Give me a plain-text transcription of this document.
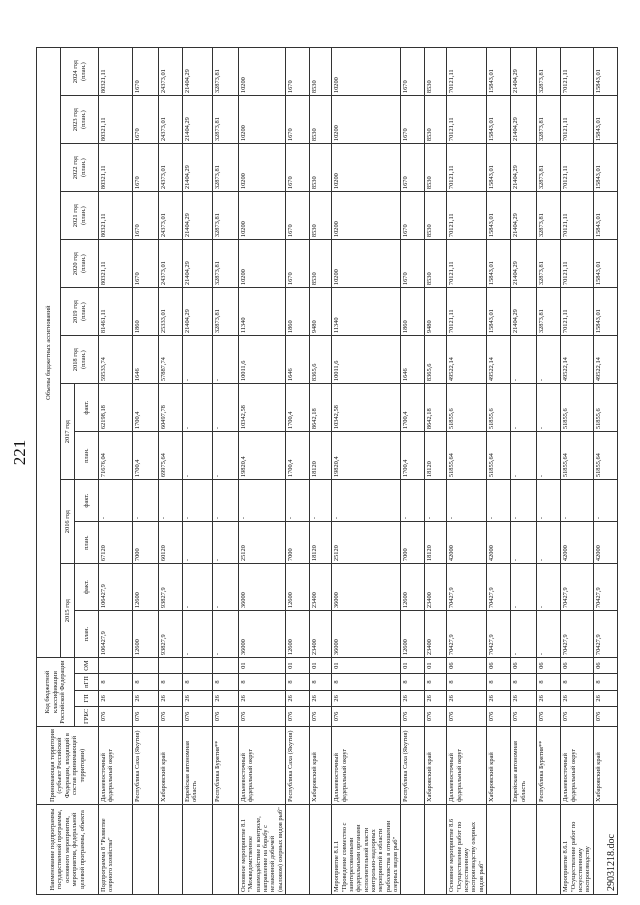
221
Наименование подпрограммы государственной программы, основного мероприятия, мероприятия, федеральной целевой программы, объекта	Принимающая территория (субъект Российской Федерации, входящий в состав принимающей территории)	Код бюджетной классификации Российской Федерации				Объемы бюджетных ассигнований												
						2015 год		2016 год		2017 год		2018 год (план.)	2019 год (план.)	2020 год (план.)	2021 год (план.)	2022 год (план.)	2023 год (план.)	2024 год (план.)
		ГРБС	ГП	пГП	ОМ	план.	факт.	план.	факт.	план.	факт.							

Подпрограмма 8 "Развитие озерного хозяйства"	Дальневосточный федеральный округ	076	26	8		106427,9	106427,9	67120	-	71676,04	62198,18	59533,74	81461,11	80321,11	80321,11	80321,11	80321,11	80321,11
	Республика Саха (Якутия)	076	26	8		12600	12600	7000	-	1700,4	1700,4	1646	1860	1670	1670	1670	1670	1670
	Хабаровский край	076	26	8		93827,9	93827,9	60120	-	69975,64	60497,78	57887,74	25333,01	24373,01	24373,01	24373,01	24373,01	24373,01
	Еврейская автономная область	076	26	8		-	-	-	-	-	-	-	21404,29	21404,29	21404,29	21404,29	21404,29	21404,29
	Республика Бурятия**	076	26	8		-	-	-	-	-	-	-	32873,81	32873,81	32873,81	32873,81	32873,81	32873,81
Основное мероприятие 8.1 "Межведомственное взаимодействие в контроле, направление на борьбу с незаконной добычей (выловом) озерных видов рыб"	Дальневосточный федеральный округ	076	26	8	01	36000	36000	25120	-	19820,4	10342,58	10011,6	11340	10200	10200	10200	10200	10200
	Республика Саха (Якутия)	076	26	8	01	12600	12600	7000	-	1700,4	1700,4	1646	1860	1670	1670	1670	1670	1670
	Хабаровский край	076	26	8	01	23400	23400	18120	-	18120	8642,18	8365,6	9480	8530	8530	8530	8530	8530
Мероприятие 8.1.1 "Проведение совместно с заинтересованными федеральными органами исполнительной власти контрольно-надзорных мероприятий в области рыболовства в отношении озерных видов рыб"	Дальневосточный федеральный округ	076	26	8	01	36000	36000	25120	-	19820,4	10342,58	10011,6	11340	10200	10200	10200	10200	10200
	Республика Саха (Якутия)	076	26	8	01	12600	12600	7000	-	1700,4	1700,4	1646	1860	1670	1670	1670	1670	1670
	Хабаровский край	076	26	8	01	23400	23400	18120	-	18120	8642,18	8365,6	9480	8530	8530	8530	8530	8530
Основное мероприятие 8.6 "Осуществление работ по искусственному воспроизводству озерных видов рыб"	Дальневосточный федеральный округ	076	26	8	06	70427,9	70427,9	42000	-	51855,64	51855,6	49522,14	70121,11	70121,11	70121,11	70121,11	70121,11	70121,11
	Хабаровский край	076	26	8	06	70427,9	70427,9	42000	-	51855,64	51855,6	49522,14	15843,01	15843,01	15843,01	15843,01	15843,01	15843,01
	Еврейская автономная область	076	26	8	06	-	-	-	-	-	-	-	21404,29	21404,29	21404,29	21404,29	21404,29	21404,29
	Республика Бурятия**	076	26	8	06	-	-	-	-	-	-	-	32873,81	32873,81	32873,81	32873,81	32873,81	32873,81
Мероприятие 8.6.1 "Осуществление работ по искусственному воспроизводству	Дальневосточный федеральный округ	076	26	8	06	70427,9	70427,9	42000	-	51855,64	51855,6	49522,14	70121,11	70121,11	70121,11	70121,11	70121,11	70121,11
	Хабаровский край	076	26	8	06	70427,9	70427,9	42000	-	51855,64	51855,6	49522,14	15843,01	15843,01	15843,01	15843,01	15843,01	15843,01
29031218.doc
